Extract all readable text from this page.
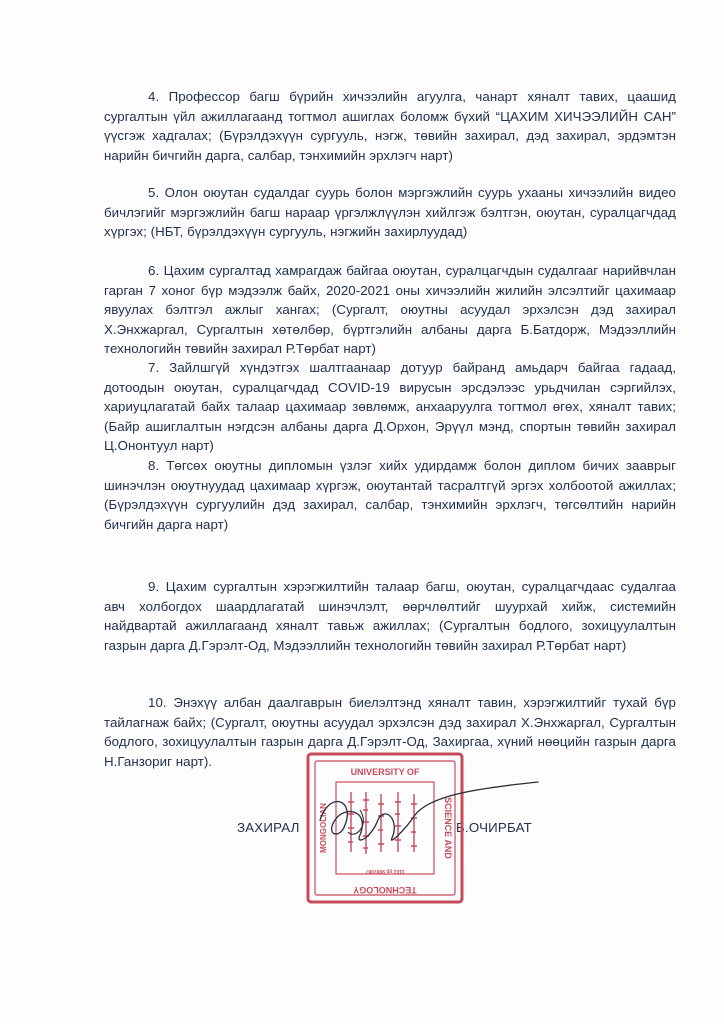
4. Профессор багш бүрийн хичээлийн агуулга, чанарт хяналт тавих, цаашид сургалтын үйл ажиллагаанд тогтмол ашиглах боломж бүхий “ЦАХИМ ХИЧЭЭЛИЙН САН” үүсгэж хадгалах; (Бүрэлдэхүүн сургууль, нэгж, төвийн захирал, дэд захирал, эрдэмтэн нарийн бичгийн дарга, салбар, тэнхимийн эрхлэгч нарт)

5. Олон оюутан судалдаг суурь болон мэргэжлийн суурь ухааны хичээлийн видео бичлэгийг мэргэжлийн багш нараар үргэлжлүүлэн хийлгэж бэлтгэн, оюутан, суралцагчдад хүргэх; (НБТ, бүрэлдэхүүн сургууль, нэгжийн захирлуудад)

6. Цахим сургалтад хамрагдаж байгаа оюутан, суралцагчдын судалгааг нарийвчлан гарган 7 хоног бүр мэдээлж байх, 2020-2021 оны хичээлийн жилийн элсэлтийг цахимаар явуулах бэлтгэл ажлыг хангах; (Сургалт, оюутны асуудал эрхэлсэн дэд захирал Х.Энхжаргал, Сургалтын хөтөлбөр, бүртгэлийн албаны дарга Б.Батдорж, Мэдээллийн технологийн төвийн захирал Р.Төрбат нарт)

7. Зайлшгүй хүндэтгэх шалтгаанаар дотуур байранд амьдарч байгаа гадаад, дотоодын оюутан, суралцагчдад COVID-19 вирусын эрсдэлээс урьдчилан сэргийлэх, хариуцлагатай байх талаар цахимаар зөвлөмж, анхааруулга тогтмол өгөх, хяналт тавих; (Байр ашиглалтын нэгдсэн албаны дарга Д.Орхон, Эрүүл мэнд, спортын төвийн захирал Ц.Ононтуул нарт)

8. Төгсөх оюутны дипломын үзлэг хийх удирдамж болон диплом бичих зааврыг шинэчлэн оюутнуудад цахимаар хүргэж, оюутантай тасралтгүй эргэх холбоотой ажиллах; (Бүрэлдэхүүн сургуулийн дэд захирал, салбар, тэнхимийн эрхлэгч, төгсөлтийн нарийн бичгийн дарга нарт)

9. Цахим сургалтын хэрэгжилтийн талаар багш, оюутан, суралцагчдаас судалгаа авч холбогдох шаардлагатай шинэчлэлт, өөрчлөлтийг шуурхай хийж, системийн найдвартай ажиллагаанд хяналт тавьж ажиллах; (Сургалтын бодлого, зохицуулалтын газрын дарга Д.Гэрэлт-Од, Мэдээллийн технологийн төвийн захирал Р.Төрбат нарт)

10. Энэхүү албан даалгаврын биелэлтэнд хяналт тавин, хэрэгжилтийг тухай бүр тайлагнаж байх; (Сургалт, оюутны асуудал эрхэлсэн дэд захирал Х.Энхжаргал, Сургалтын бодлого, зохицуулалтын газрын дарга Д.Гэрэлт-Од, Захиргаа, хүний нөөцийн газрын дарга Н.Ганзориг нарт).

ЗАХИРАЛ	Б.ОЧИРБАТ
UNIVERSITY OF
SCIENCE AND
TECHNOLOGY
MONGOLIAN
1161 ур 9087087
